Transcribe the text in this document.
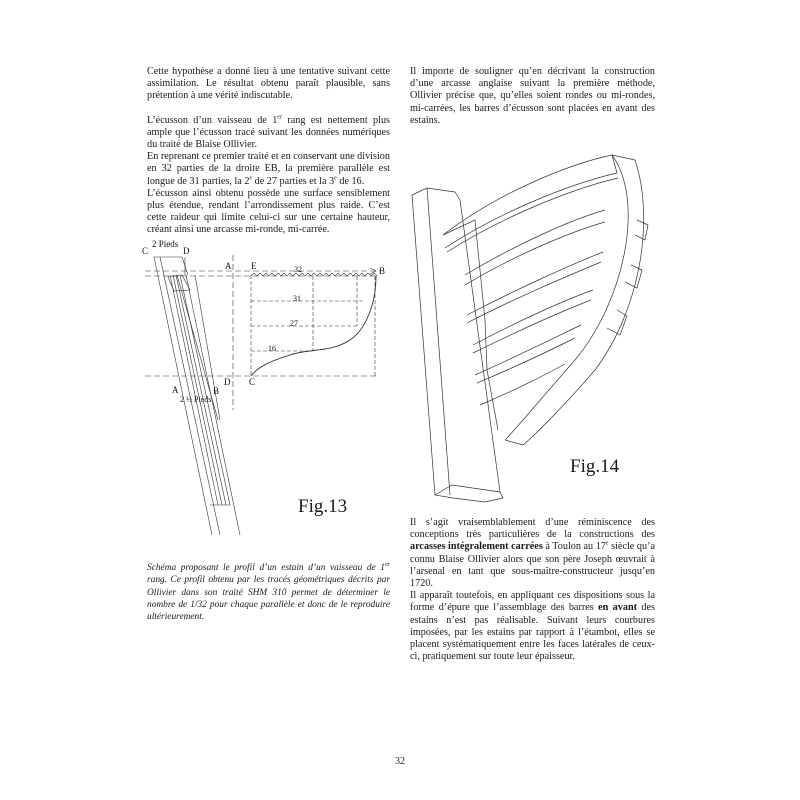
Cette hypothèse a donné lieu à une tentative suivant cette assimilation. Le résultat obtenu paraît plausible, sans prétention à une vérité indiscutable.

L’écusson d’un vaisseau de 1er rang est nettement plus ample que l’écusson tracé suivant les données numériques du traité de Blaise Ollivier.

En reprenant ce premier traité et en conservant une division en 32 parties de la droite EB, la première parallèle est longue de 31 parties, la 2e de 27 parties et la 3e de 16.

L’écusson ainsi obtenu possède une surface sensiblement plus étendue, rendant l’arrondissement plus raide. C’est cette raideur qui limite celui-ci sur une certaine hauteur, créant ainsi une arcasse mi-ronde, mi-carrée.

C
2 Pieds
D
A E	32	B
31
27
16
D C
A	B
2 ½ Pieds
Fig.13

Schéma proposant le profil d’un estain d’un vaisseau de 1er rang. Ce profil obtenu par les tracés géométriques décrits par Ollivier dans son traité SHM 310 permet de déterminer le nombre de 1/32 pour chaque parallèle et donc de le reproduire ultérieurement.

Il importe de souligner qu’en décrivant la construction d’une arcasse anglaise suivant la première méthode, Ollivier précise que, qu’elles soient rondes ou mi-rondes, mi-carrées, les barres d’écusson sont placées en avant des estains.

Fig.14

Il s’agit vraisemblablement d’une réminiscence des conceptions très particulières de la constructions des arcasses intégralement carrées à Toulon au 17e siècle qu’a connu Blaise Ollivier alors que son père Joseph œuvrait à l’arsenal en tant que sous-maître-constructeur jusqu’en 1720.

Il apparaît toutefois, en appliquant ces dispositions sous la forme d’épure que l’assemblage des barres en avant des estains n’est pas réalisable. Suivant leurs courbures imposées, par les estains par rapport à l’étambot, elles se placent systématiquement entre les faces latérales de ceux-ci, pratiquement sur toute leur épaisseur.

32
